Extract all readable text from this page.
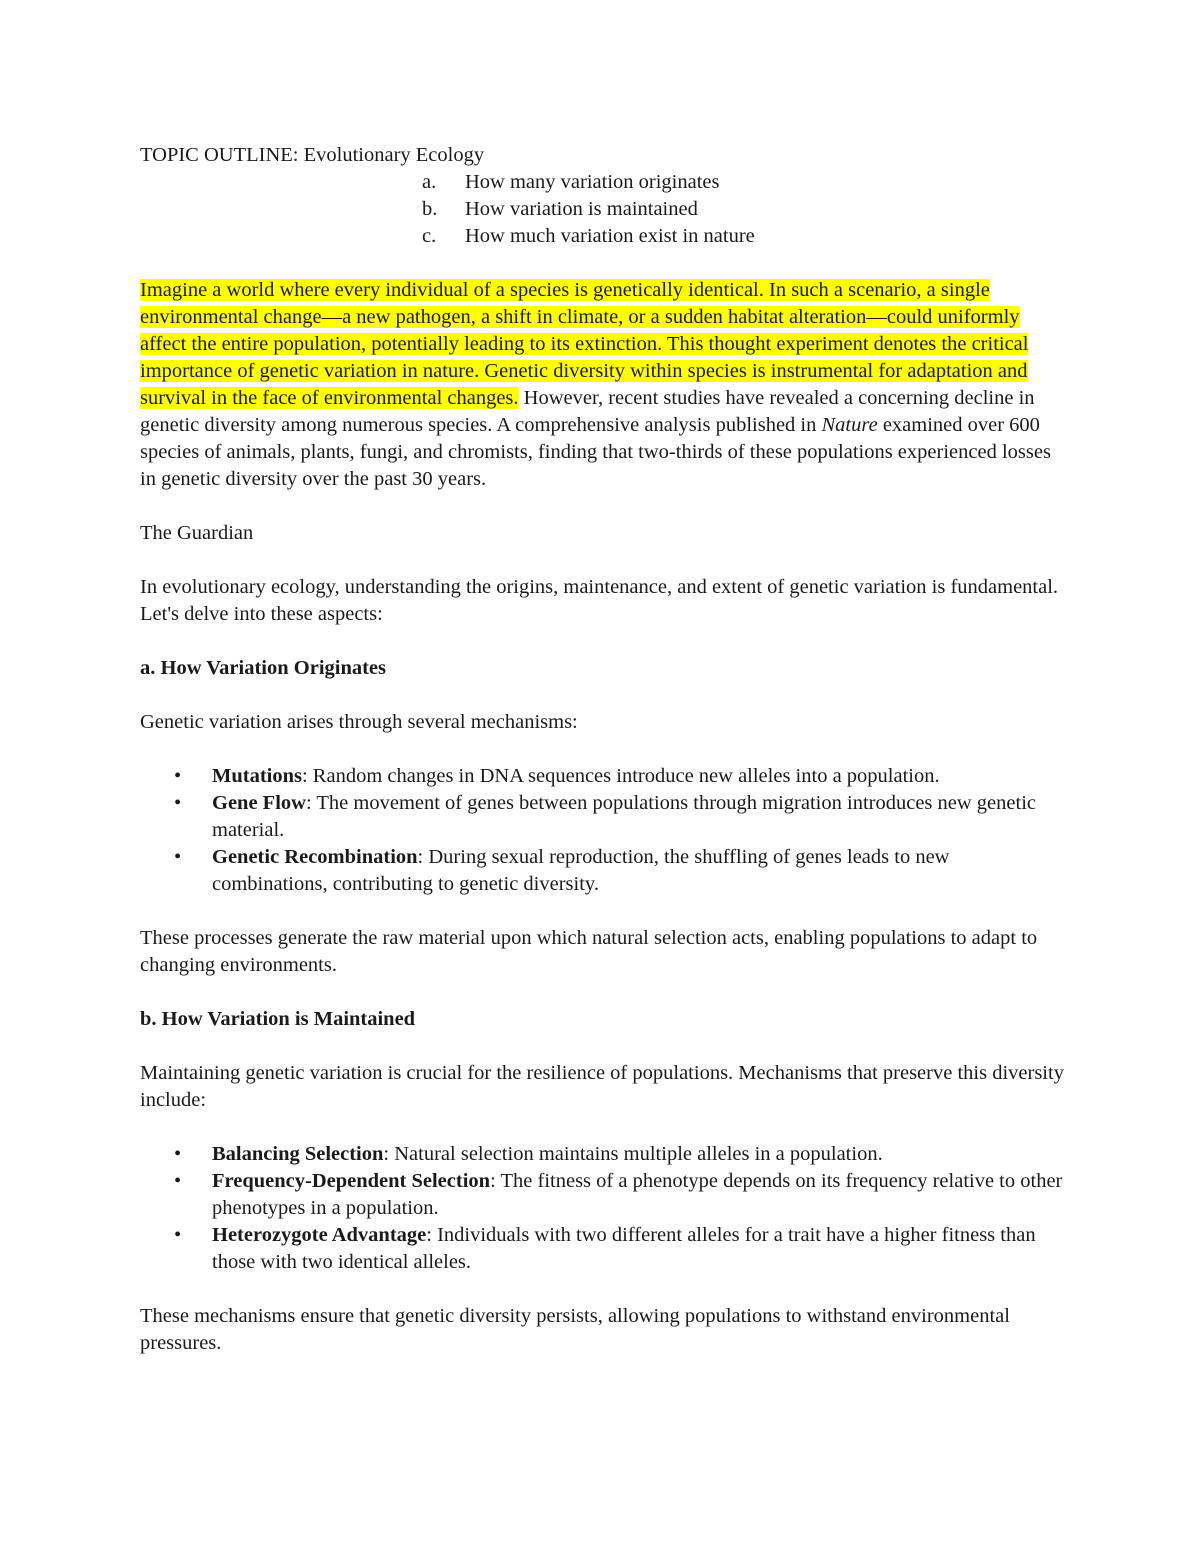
TOPIC OUTLINE: Evolutionary Ecology

a. How many variation originates
b. How variation is maintained
c. How much variation exist in nature

Imagine a world where every individual of a species is genetically identical. In such a scenario, a single environmental change—a new pathogen, a shift in climate, or a sudden habitat alteration—could uniformly affect the entire population, potentially leading to its extinction. This thought experiment denotes the critical importance of genetic variation in nature. Genetic diversity within species is instrumental for adaptation and survival in the face of environmental changes. However, recent studies have revealed a concerning decline in genetic diversity among numerous species. A comprehensive analysis published in Nature examined over 600 species of animals, plants, fungi, and chromists, finding that two-thirds of these populations experienced losses in genetic diversity over the past 30 years.

The Guardian

In evolutionary ecology, understanding the origins, maintenance, and extent of genetic variation is fundamental. Let's delve into these aspects:

a. How Variation Originates

Genetic variation arises through several mechanisms:

• Mutations: Random changes in DNA sequences introduce new alleles into a population.
• Gene Flow: The movement of genes between populations through migration introduces new genetic material.
• Genetic Recombination: During sexual reproduction, the shuffling of genes leads to new combinations, contributing to genetic diversity.

These processes generate the raw material upon which natural selection acts, enabling populations to adapt to changing environments.

b. How Variation is Maintained

Maintaining genetic variation is crucial for the resilience of populations. Mechanisms that preserve this diversity include:

• Balancing Selection: Natural selection maintains multiple alleles in a population.
• Frequency-Dependent Selection: The fitness of a phenotype depends on its frequency relative to other phenotypes in a population.
• Heterozygote Advantage: Individuals with two different alleles for a trait have a higher fitness than those with two identical alleles.

These mechanisms ensure that genetic diversity persists, allowing populations to withstand environmental pressures.
